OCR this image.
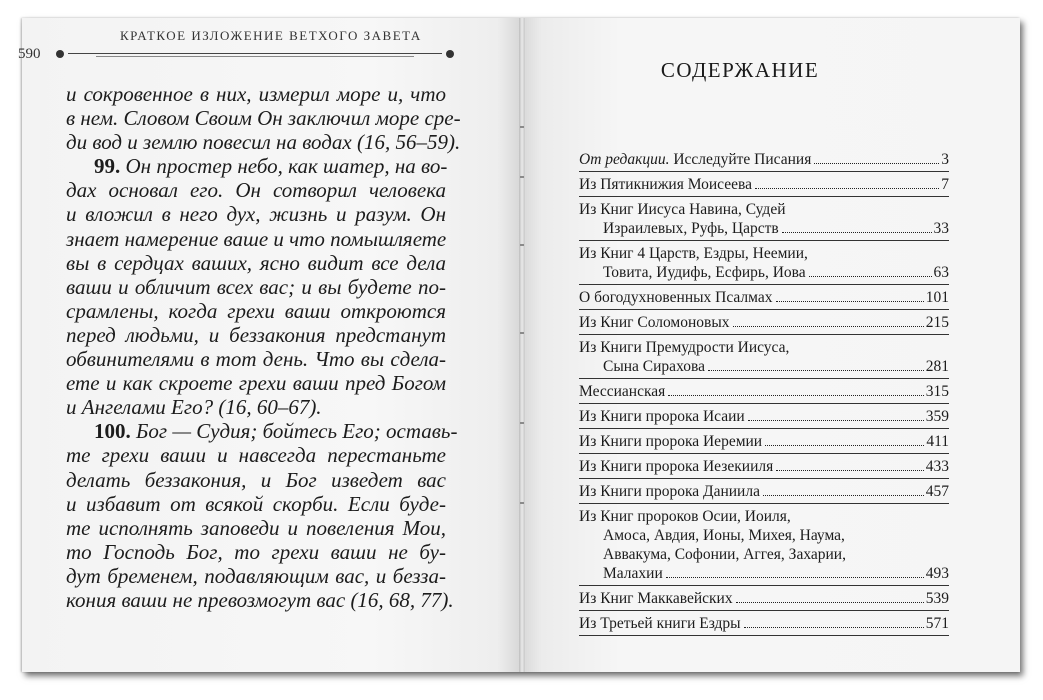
КРАТКОЕ ИЗЛОЖЕНИЕ ВЕТХОГО ЗАВЕТА
590
и сокровенное в них, измерил море и, что
в нем. Словом Своим Он заключил море сре-
ди вод и землю повесил на водах (16, 56–59).
99. Он простер небо, как шатер, на во-
дах основал его. Он сотворил человека
и вложил в него дух, жизнь и разум. Он
знает намерение ваше и что помышляете
вы в сердцах ваших, ясно видит все дела
ваши и обличит всех вас; и вы будете по-
срамлены, когда грехи ваши откроются
перед людьми, и беззакония предстанут
обвинителями в тот день. Что вы сделa-
ете и как скроете грехи ваши пред Богом
и Ангелами Его? (16, 60–67).
100. Бог — Судия; бойтесь Его; оставь-
те грехи ваши и навсегда перестаньте
делать беззакония, и Бог изведет вас
и избавит от всякой скорби. Если буде-
те исполнять заповеди и повеления Мои,
то Господь Бог, то грехи ваши не бу-
дут бременем, подавляющим вас, и безза-
кония ваши не превозмогут вас (16, 68, 77).
СОДЕРЖАНИЕ
От редакции. Исследуйте Писания	3
Из Пятикнижия Моисеева	7
Из Книг Иисуса Навина, Судей
Израилевых, Руфь, Царств	33
Из Книг 4 Царств, Ездры, Неемии,
Товита, Иудифь, Есфирь, Иова	63
О богодухновенных Псалмах	101
Из Книг Соломоновых	215
Из Книги Премудрости Иисуса,
Сына Сирахова	281
Мессианская	315
Из Книги пророка Исаии	359
Из Книги пророка Иеремии	411
Из Книги пророка Иезекииля	433
Из Книги пророка Даниила	457
Из Книг пророков Осии, Иоиля,
Амоса, Авдия, Ионы, Михея, Наума,
Аввакума, Софонии, Аггея, Захарии,
Малахии	493
Из Книг Маккавейских	539
Из Третьей книги Ездры	571
